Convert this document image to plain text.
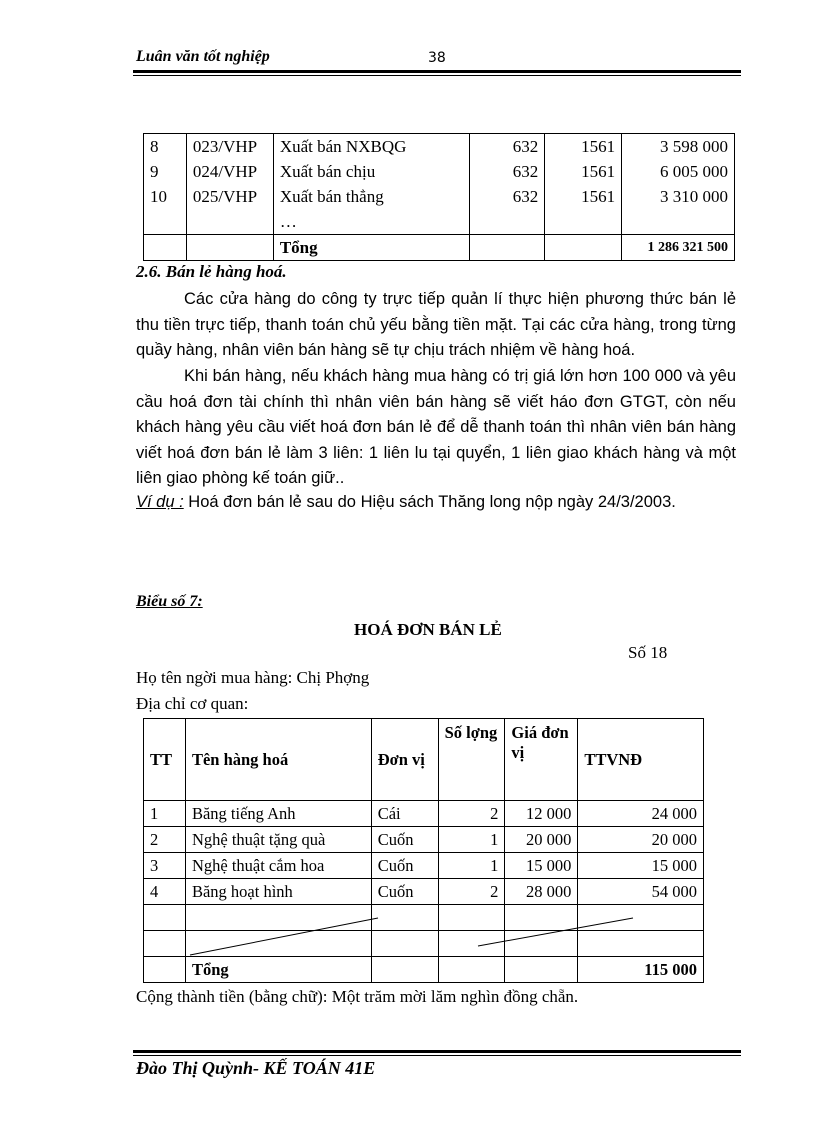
Luân văn tốt nghiệp	38
8	023/VHP	Xuất bán NXBQG	632	1561	3 598 000
9	024/VHP	Xuất bán chịu	632	1561	6 005 000
10	025/VHP	Xuất bán thẳng	632	1561	3 310 000
		…			
		Tổng			1 286 321 500
2.6. Bán lẻ hàng hoá.
Các cửa hàng do công ty trực tiếp quản lí thực hiện phương thức bán lẻ thu tiền trực tiếp, thanh toán chủ yếu bằng tiền mặt. Tại các cửa hàng, trong từng quầy hàng, nhân viên bán hàng sẽ tự chịu trách nhiệm về hàng hoá.
Khi bán hàng, nếu khách hàng mua hàng có trị giá lớn hơn 100 000 và yêu cầu hoá đơn tài chính thì nhân viên bán hàng sẽ viết háo đơn GTGT, còn nếu khách hàng yêu cầu viết hoá đơn bán lẻ để dễ thanh toán thì nhân viên bán hàng viết hoá đơn bán lẻ làm 3 liên: 1 liên lu tại quyển, 1 liên giao khách hàng và một liên giao phòng kế toán giữ..
Ví dụ : Hoá đơn bán lẻ sau do Hiệu sách Thăng long nộp ngày 24/3/2003.
Biểu số 7:
HOÁ ĐƠN BÁN LẺ
Số 18
Họ tên ngời mua hàng: Chị Phợng
Địa chỉ cơ quan:
TT	Tên hàng hoá	Đơn vị	Số lợng	Giá đơn vị	TTVNĐ
1	Băng tiếng Anh	Cái	2	12 000	24 000
2	Nghệ thuật tặng quà	Cuốn	1	20 000	20 000
3	Nghệ thuật cắm hoa	Cuốn	1	15 000	15 000
4	Băng hoạt hình	Cuốn	2	28 000	54 000

	Tổng				115 000
Cộng thành tiền (bằng chữ): Một trăm mời lăm nghìn đồng chẵn.
Đào Thị Quỳnh- KẾ TOÁN 41E
